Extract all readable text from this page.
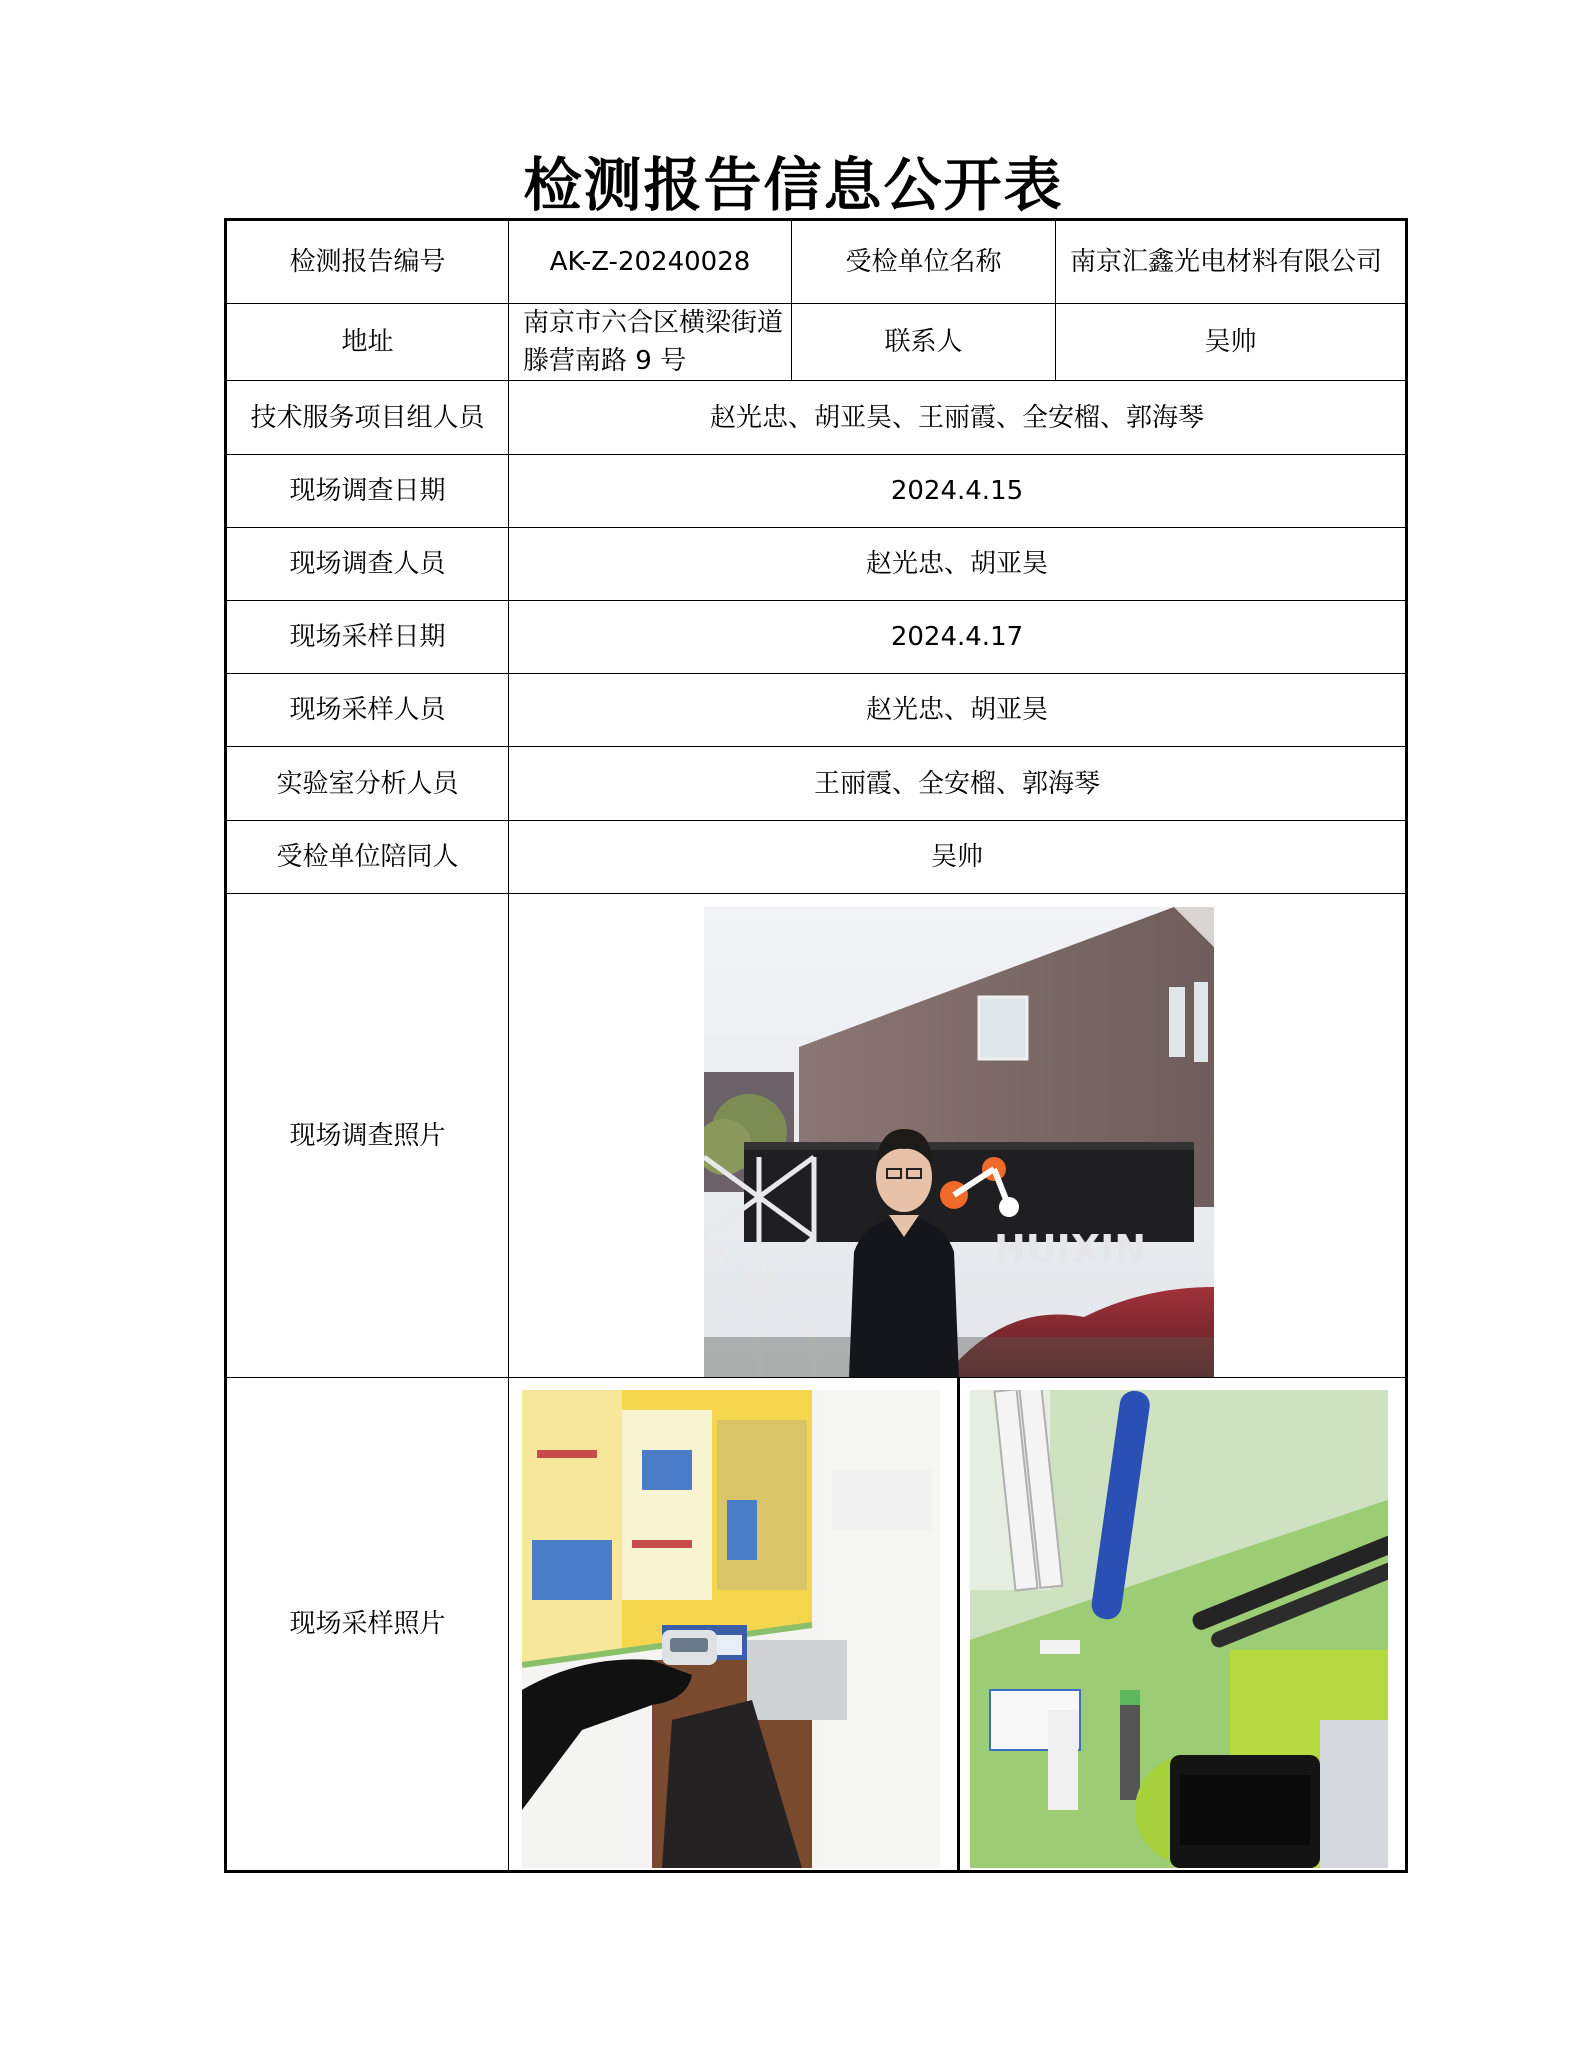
检测报告信息公开表
检测报告编号	AK-Z-20240028	受检单位名称	南京汇鑫光电材料有限公司
地址	南京市六合区横梁街道滕营南路 9 号	联系人	吴帅
技术服务项目组人员	赵光忠、胡亚昊、王丽霞、全安榴、郭海琴		
现场调查日期	2024.4.15		
现场调查人员	赵光忠、胡亚昊		
现场采样日期	2024.4.17		
现场采样人员	赵光忠、胡亚昊		
实验室分析人员	王丽霞、全安榴、郭海琴		
受检单位陪同人	吴帅		
现场调查照片	HUIXIN
南京汇鑫光电材料有限公司		

现场采样照片	
